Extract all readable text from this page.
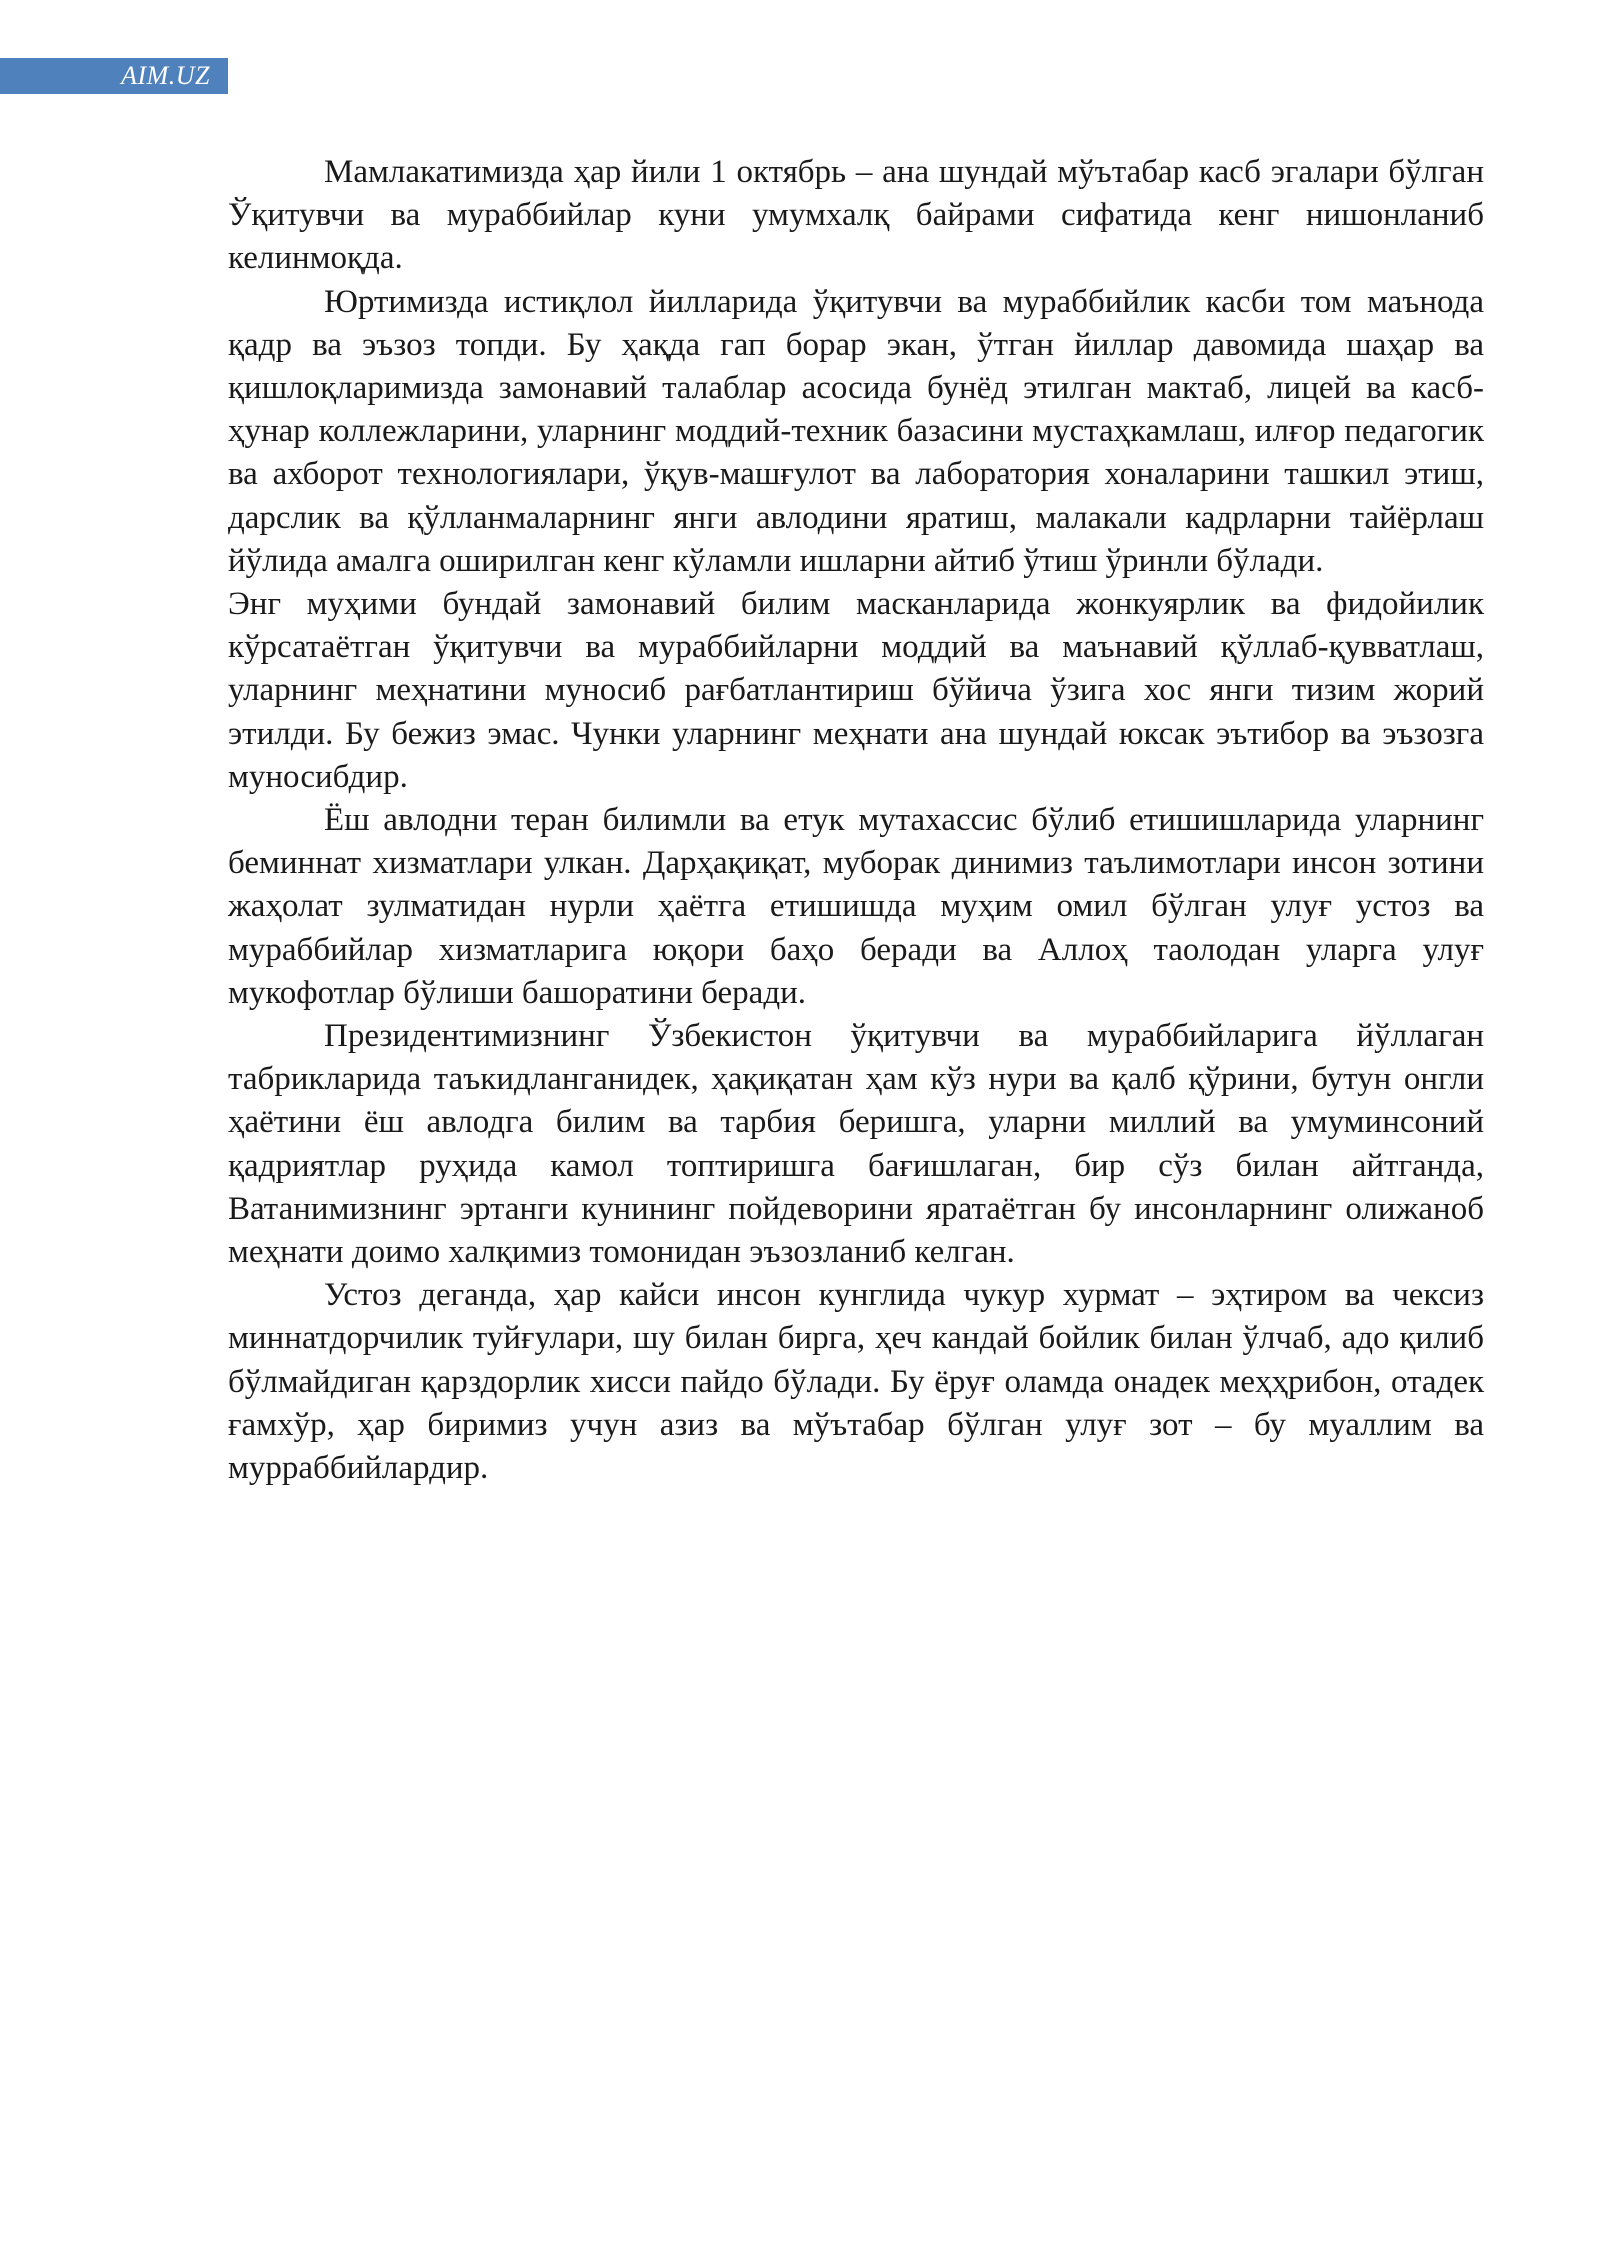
AIM.UZ

Мамлакатимизда ҳар йили 1 октябрь – ана шундай мўътабар касб эгалари бўлган Ўқитувчи ва мураббийлар куни умумхалқ байрами сифатида кенг нишонланиб келинмоқда.

Юртимизда истиқлол йилларида ўқитувчи ва мураббийлик касби том маънода қадр ва эъзоз топди. Бу ҳақда гап борар экан, ўтган йиллар давомида шаҳар ва қишлоқларимизда замонавий талаблар асосида бунёд этилган мактаб, лицей ва касб-ҳунар коллежларини, уларнинг моддий-техник базасини мустаҳкамлаш, илғор педагогик ва ахборот технологиялари, ўқув-машғулот ва лаборатория хоналарини ташкил этиш, дарслик ва қўлланмаларнинг янги авлодини яратиш, малакали кадрларни тайёрлаш йўлида амалга оширилган кенг кўламли ишларни айтиб ўтиш ўринли бўлади.

Энг муҳими бундай замонавий билим масканларида жонкуярлик ва фидойилик кўрсатаётган ўқитувчи ва мураббийларни моддий ва маънавий қўллаб-қувватлаш, уларнинг меҳнатини муносиб рағбатлантириш бўйича ўзига хос янги тизим жорий этилди. Бу бежиз эмас. Чунки уларнинг меҳнати ана шундай юксак эътибор ва эъзозга муносибдир.

Ёш авлодни теран билимли ва етук мутахассис бўлиб етишишларида уларнинг беминнат хизматлари улкан. Дарҳақиқат, муборак динимиз таълимотлари инсон зотини жаҳолат зулматидан нурли ҳаётга етишишда муҳим омил бўлган улуғ устоз ва мураббийлар хизматларига юқори баҳо беради ва Аллоҳ таолодан уларга улуғ мукофотлар бўлиши башоратини беради.

Президентимизнинг Ўзбекистон ўқитувчи ва мураббийларига йўллаган табрикларида таъкидланганидек, ҳақиқатан ҳам кўз нури ва қалб қўрини, бутун онгли ҳаётини ёш авлодга билим ва тарбия беришга, уларни миллий ва умуминсоний қадриятлар руҳида камол топтиришга бағишлаган, бир сўз билан айтганда, Ватанимизнинг эртанги кунининг пойдеворини яратаётган бу инсонларнинг олижаноб меҳнати доимо халқимиз томонидан эъзозланиб келган.

Устоз деганда, ҳар кайси инсон кунглида чукур хурмат – эҳтиром ва чексиз миннатдорчилик туйғулари, шу билан бирга, ҳеч кандай бойлик билан ўлчаб, адо қилиб бўлмайдиган қарздорлик хисси пайдо бўлади. Бу ёруғ оламда онадек меҳҳрибон, отадек ғамхўр, ҳар биримиз учун азиз ва мўътабар бўлган улуғ зот – бу муаллим ва мурраббийлардир.
